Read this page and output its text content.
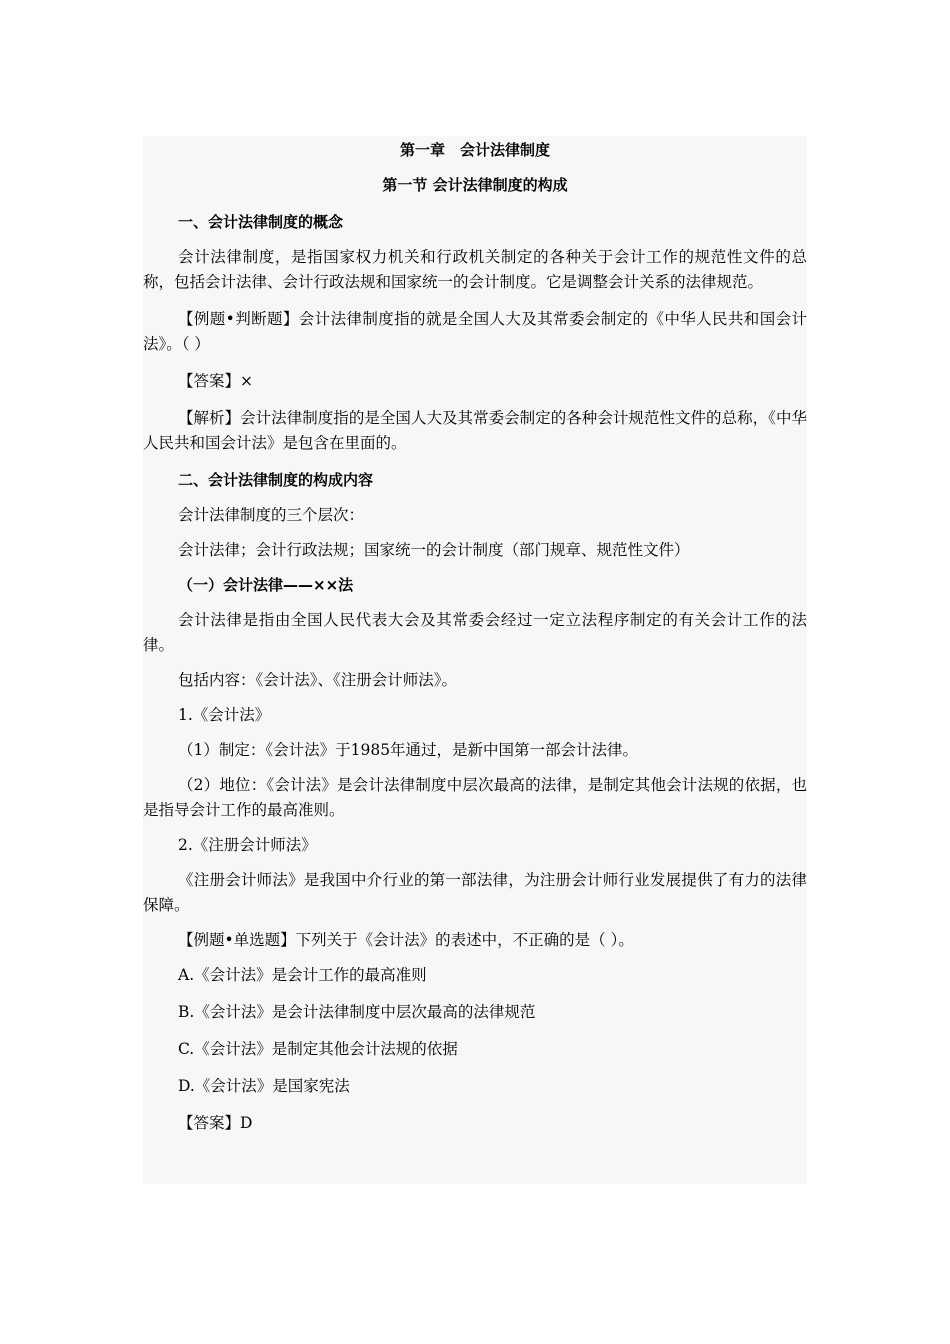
第一章　会计法律制度

第一节 会计法律制度的构成

一、会计法律制度的概念

会计法律制度，是指国家权力机关和行政机关制定的各种关于会计工作的规范性文件的总称，包括会计法律、会计行政法规和国家统一的会计制度。它是调整会计关系的法律规范。

【例题•判断题】会计法律制度指的就是全国人大及其常委会制定的《中华人民共和国会计法》。（ ）

【答案】×

【解析】会计法律制度指的是全国人大及其常委会制定的各种会计规范性文件的总称，《中华人民共和国会计法》是包含在里面的。

二、会计法律制度的构成内容

会计法律制度的三个层次：

会计法律；会计行政法规；国家统一的会计制度（部门规章、规范性文件）

（一）会计法律——××法

会计法律是指由全国人民代表大会及其常委会经过一定立法程序制定的有关会计工作的法律。

包括内容：《会计法》、《注册会计师法》。

1.《会计法》

（1）制定：《会计法》于1985年通过，是新中国第一部会计法律。

（2）地位：《会计法》是会计法律制度中层次最高的法律，是制定其他会计法规的依据，也是指导会计工作的最高准则。

2.《注册会计师法》

《注册会计师法》是我国中介行业的第一部法律，为注册会计师行业发展提供了有力的法律保障。

【例题•单选题】下列关于《会计法》的表述中，不正确的是（ ）。

A.《会计法》是会计工作的最高准则

B.《会计法》是会计法律制度中层次最高的法律规范

C.《会计法》是制定其他会计法规的依据

D.《会计法》是国家宪法

【答案】D
